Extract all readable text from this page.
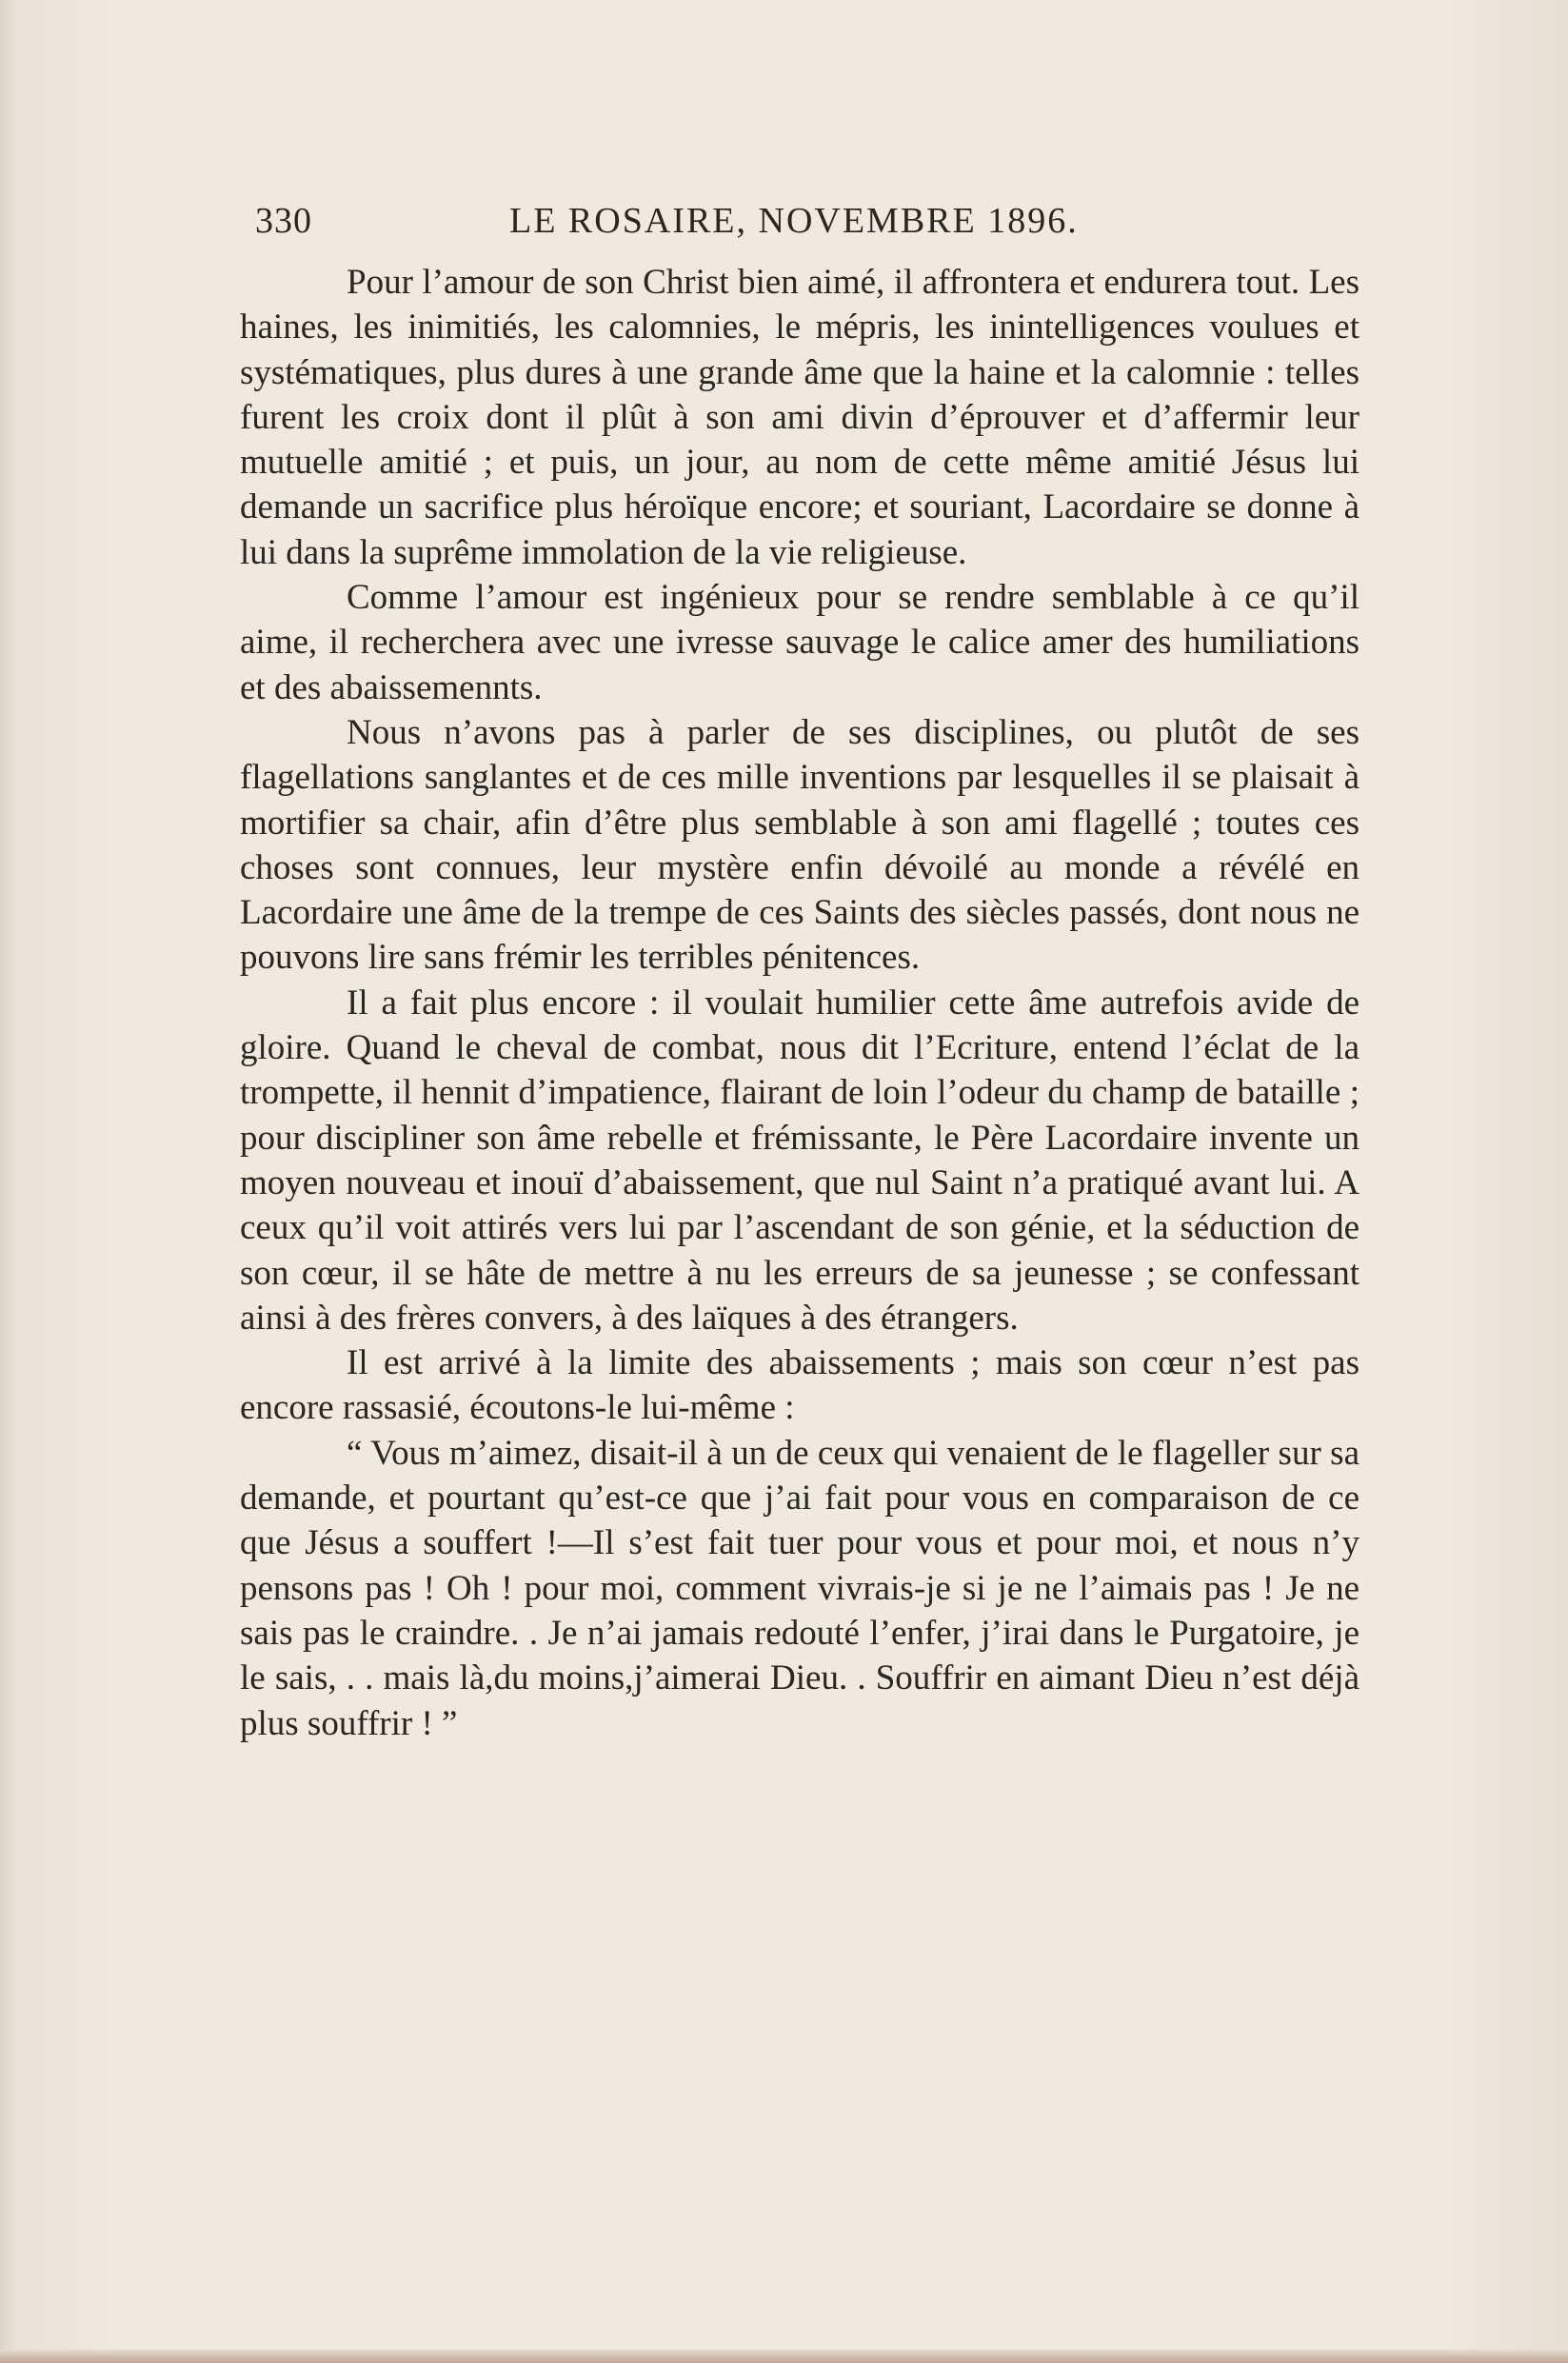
330	LE ROSAIRE, NOVEMBRE 1896.

Pour l’amour de son Christ bien aimé, il affrontera et endurera tout. Les haines, les inimitiés, les calomnies, le mépris, les inintelligences voulues et systématiques, plus dures à une grande âme que la haine et la calomnie : telles furent les croix dont il plût à son ami divin d’éprouver et d’affermir leur mutuelle amitié ; et puis, un jour, au nom de cette même amitié Jésus lui demande un sacrifice plus héroïque encore; et souriant, Lacordaire se donne à lui dans la suprême immolation de la vie religieuse.

Comme l’amour est ingénieux pour se rendre semblable à ce qu’il aime, il recherchera avec une ivresse sauvage le calice amer des humiliations et des abaissemennts.

Nous n’avons pas à parler de ses disciplines, ou plutôt de ses flagellations sanglantes et de ces mille inventions par lesquelles il se plaisait à mortifier sa chair, afin d’être plus semblable à son ami flagellé ; toutes ces choses sont connues, leur mystère enfin dévoilé au monde a révélé en Lacordaire une âme de la trempe de ces Saints des siècles passés, dont nous ne pouvons lire sans frémir les terribles pénitences.

Il a fait plus encore : il voulait humilier cette âme autrefois avide de gloire. Quand le cheval de combat, nous dit l’Ecriture, entend l’éclat de la trompette, il hennit d’impatience, flairant de loin l’odeur du champ de bataille ; pour discipliner son âme rebelle et frémissante, le Père Lacordaire invente un moyen nouveau et inouï d’abaissement, que nul Saint n’a pratiqué avant lui. A ceux qu’il voit attirés vers lui par l’ascendant de son génie, et la séduction de son cœur, il se hâte de mettre à nu les erreurs de sa jeunesse ; se confessant ainsi à des frères convers, à des laïques à des étrangers.

Il est arrivé à la limite des abaissements ; mais son cœur n’est pas encore rassasié, écoutons-le lui-même :

“ Vous m’aimez, disait-il à un de ceux qui venaient de le flageller sur sa demande, et pourtant qu’est-ce que j’ai fait pour vous en comparaison de ce que Jésus a souffert !—Il s’est fait tuer pour vous et pour moi, et nous n’y pensons pas ! Oh ! pour moi, comment vivrais-je si je ne l’aimais pas ! Je ne sais pas le craindre. . Je n’ai jamais redouté l’enfer, j’irai dans le Purgatoire, je le sais, . . mais là,du moins,j’aimerai Dieu. . Souffrir en aimant Dieu n’est déjà plus souffrir ! ”
